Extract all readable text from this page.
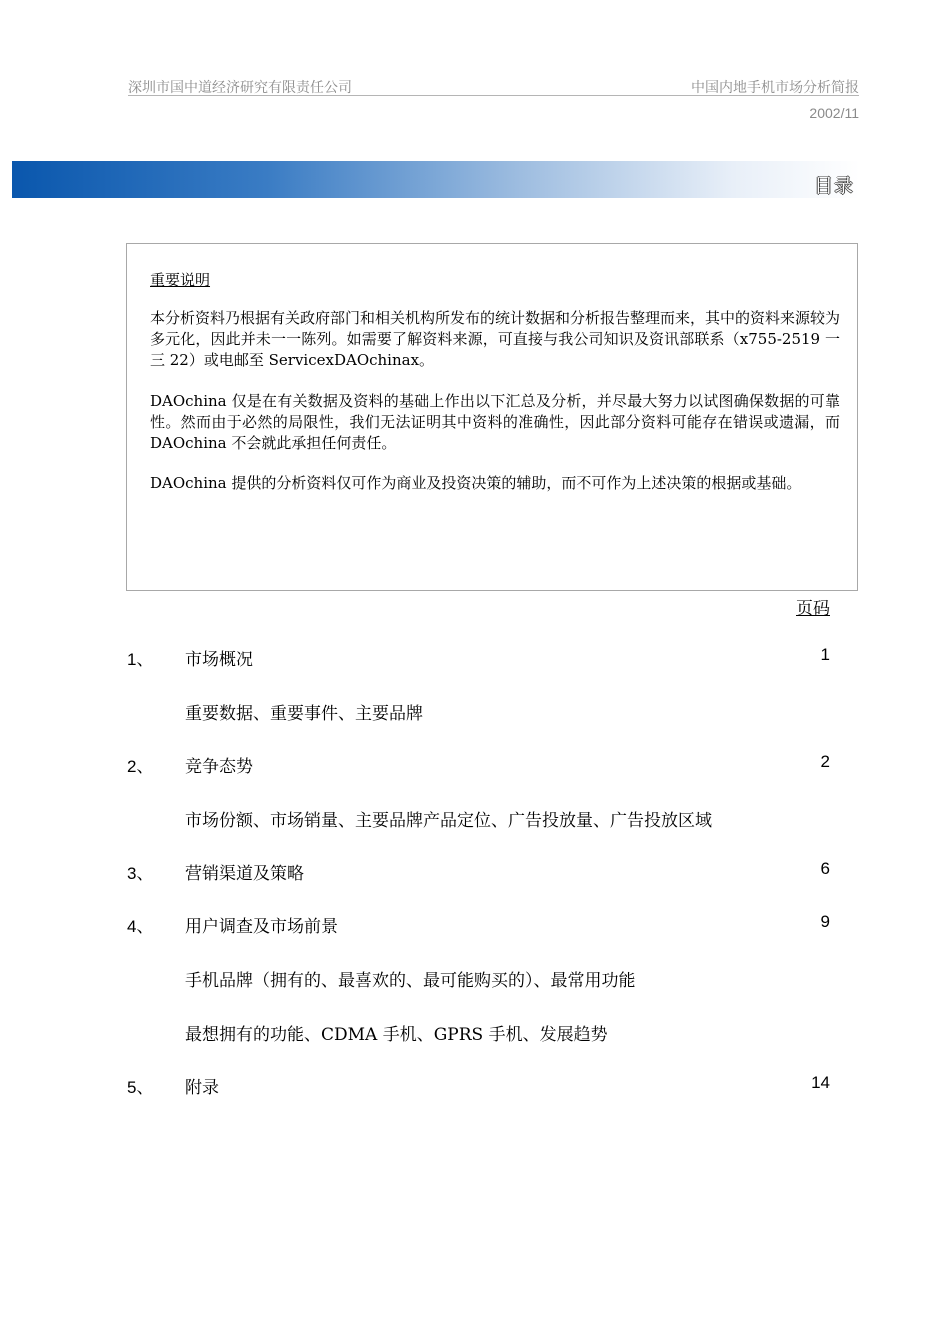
深圳市国中道经济研究有限责任公司	中国内地手机市场分析简报
2002/11
目录
重要说明

本分析资料乃根据有关政府部门和相关机构所发布的统计数据和分析报告整理而来，其中的资料来源较为多元化，因此并未一一陈列。如需要了解资料来源，可直接与我公司知识及资讯部联系（x755-2519 一三 22）或电邮至 ServicexDAOchinax。

DAOchina 仅是在有关数据及资料的基础上作出以下汇总及分析，并尽最大努力以试图确保数据的可靠性。然而由于必然的局限性，我们无法证明其中资料的准确性，因此部分资料可能存在错误或遗漏，而 DAOchina 不会就此承担任何责任。

DAOchina 提供的分析资料仅可作为商业及投资决策的辅助，而不可作为上述决策的根据或基础。

页码
1、 市场概况	1
重要数据、重要事件、主要品牌
2、 竞争态势	2
市场份额、市场销量、主要品牌产品定位、广告投放量、广告投放区域
3、 营销渠道及策略	6
4、 用户调查及市场前景	9
手机品牌（拥有的、最喜欢的、最可能购买的）、最常用功能
最想拥有的功能、CDMA 手机、GPRS 手机、发展趋势
5、 附录	14
